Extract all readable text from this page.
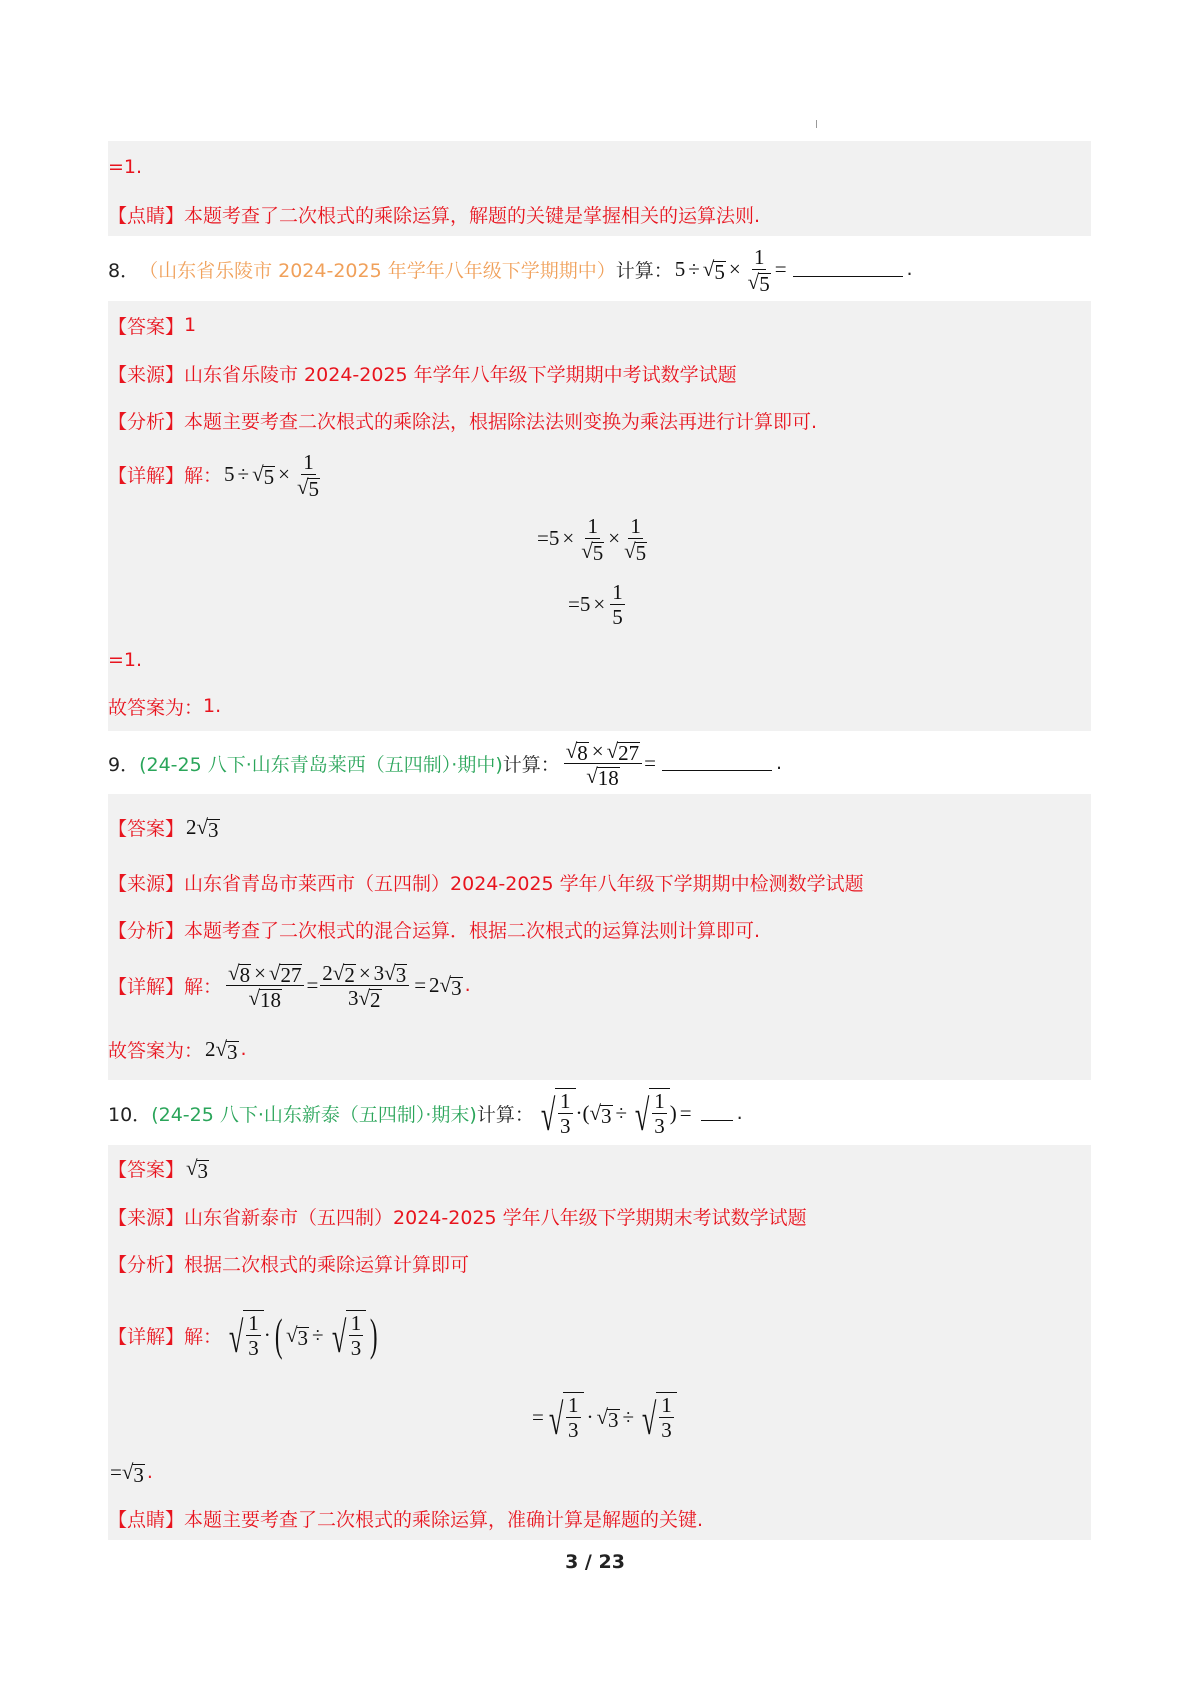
=1.
【点睛】 本题考查了二次根式的乘除运算，解题的关键是掌握相关的运算法则.
8． （山东省乐陵市 2024-2025 年学年八年级下学期期中） 计算： 5 ÷ √ 5 × 1
√ 5 =	.
【答案】 1
【来源】 山东省乐陵市 2024-2025 年学年八年级下学期期中考试数学试题
【分析】 本题主要考查二次根式的乘除法，根据除法法则变换为乘法再进行计算即可.
【详解】 解： 5 ÷ √ 5 × 1
√ 5
= 5 × 1
√ 5 × 1
√ 5
= $5 \times \frac{1}{5}$
=1.
故答案为： 1.
9． (24-25 八下·山东青岛莱西（五四制）·期中) 计算： √ 8 × √ 27
√ 18 =	.
【答案】 2 √ 3
【来源】 山东省青岛市莱西市（五四制）2024-2025 学年八年级下学期期中检测数学试题
【分析】 本题考查了二次根式的混合运算．根据二次根式的运算法则计算即可.
【详解】 解： √ 8 × √ 27
√ $18 = \frac{2 √ 2 \times 3 √ 3}{3 √ 2} = 2$ √ 3 .
故答案为： 2 √ 3 .
10． (24-25 八下·山东新泰（五四制）·期末) 计算： √ $\frac{1}{3}$ · ( √ 3 ÷ √ $\frac{1}{3}$ ) = .
【答案】 √ 3
【来源】 山东省新泰市（五四制）2024-2025 学年八年级下学期期末考试数学试题
【分析】 根据二次根式的乘除运算计算即可
【详解】 解： √ $\frac{1}{3}$ · ( √ 3 ÷ √ $\frac{1}{3}$ )
= √ $\frac{1}{3}$ · √ 3 ÷ √ $\frac{1}{3}$
= √ 3 .
【点睛】 本题主要考查了二次根式的乘除运算，准确计算是解题的关键.
3 / 23
